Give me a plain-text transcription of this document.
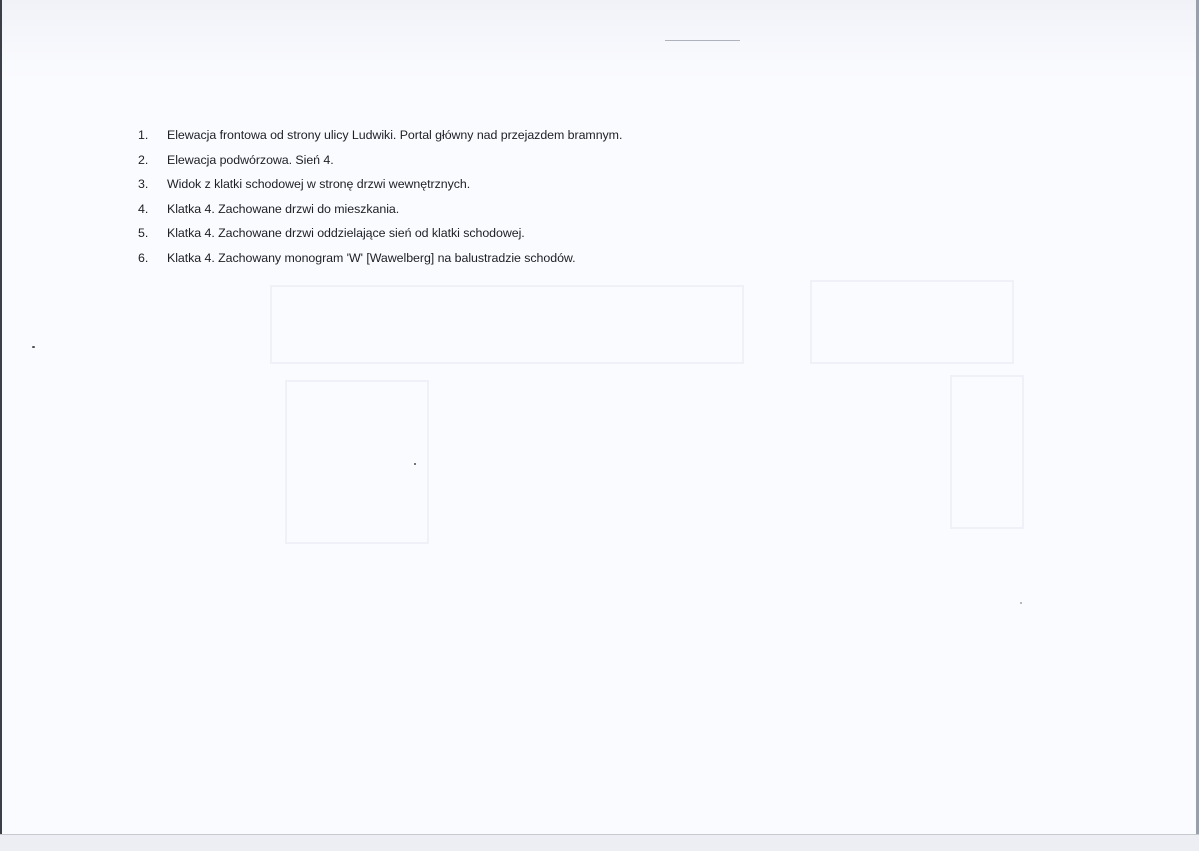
1. Elewacja frontowa od strony ulicy Ludwiki. Portal główny nad przejazdem bramnym.
2. Elewacja podwórzowa. Sień 4.
3. Widok z klatki schodowej w stronę drzwi wewnętrznych.
4. Klatka 4. Zachowane drzwi do mieszkania.
5. Klatka 4. Zachowane drzwi oddzielające sień od klatki schodowej.
6. Klatka 4. Zachowany monogram 'W' [Wawelberg] na balustradzie schodów.
